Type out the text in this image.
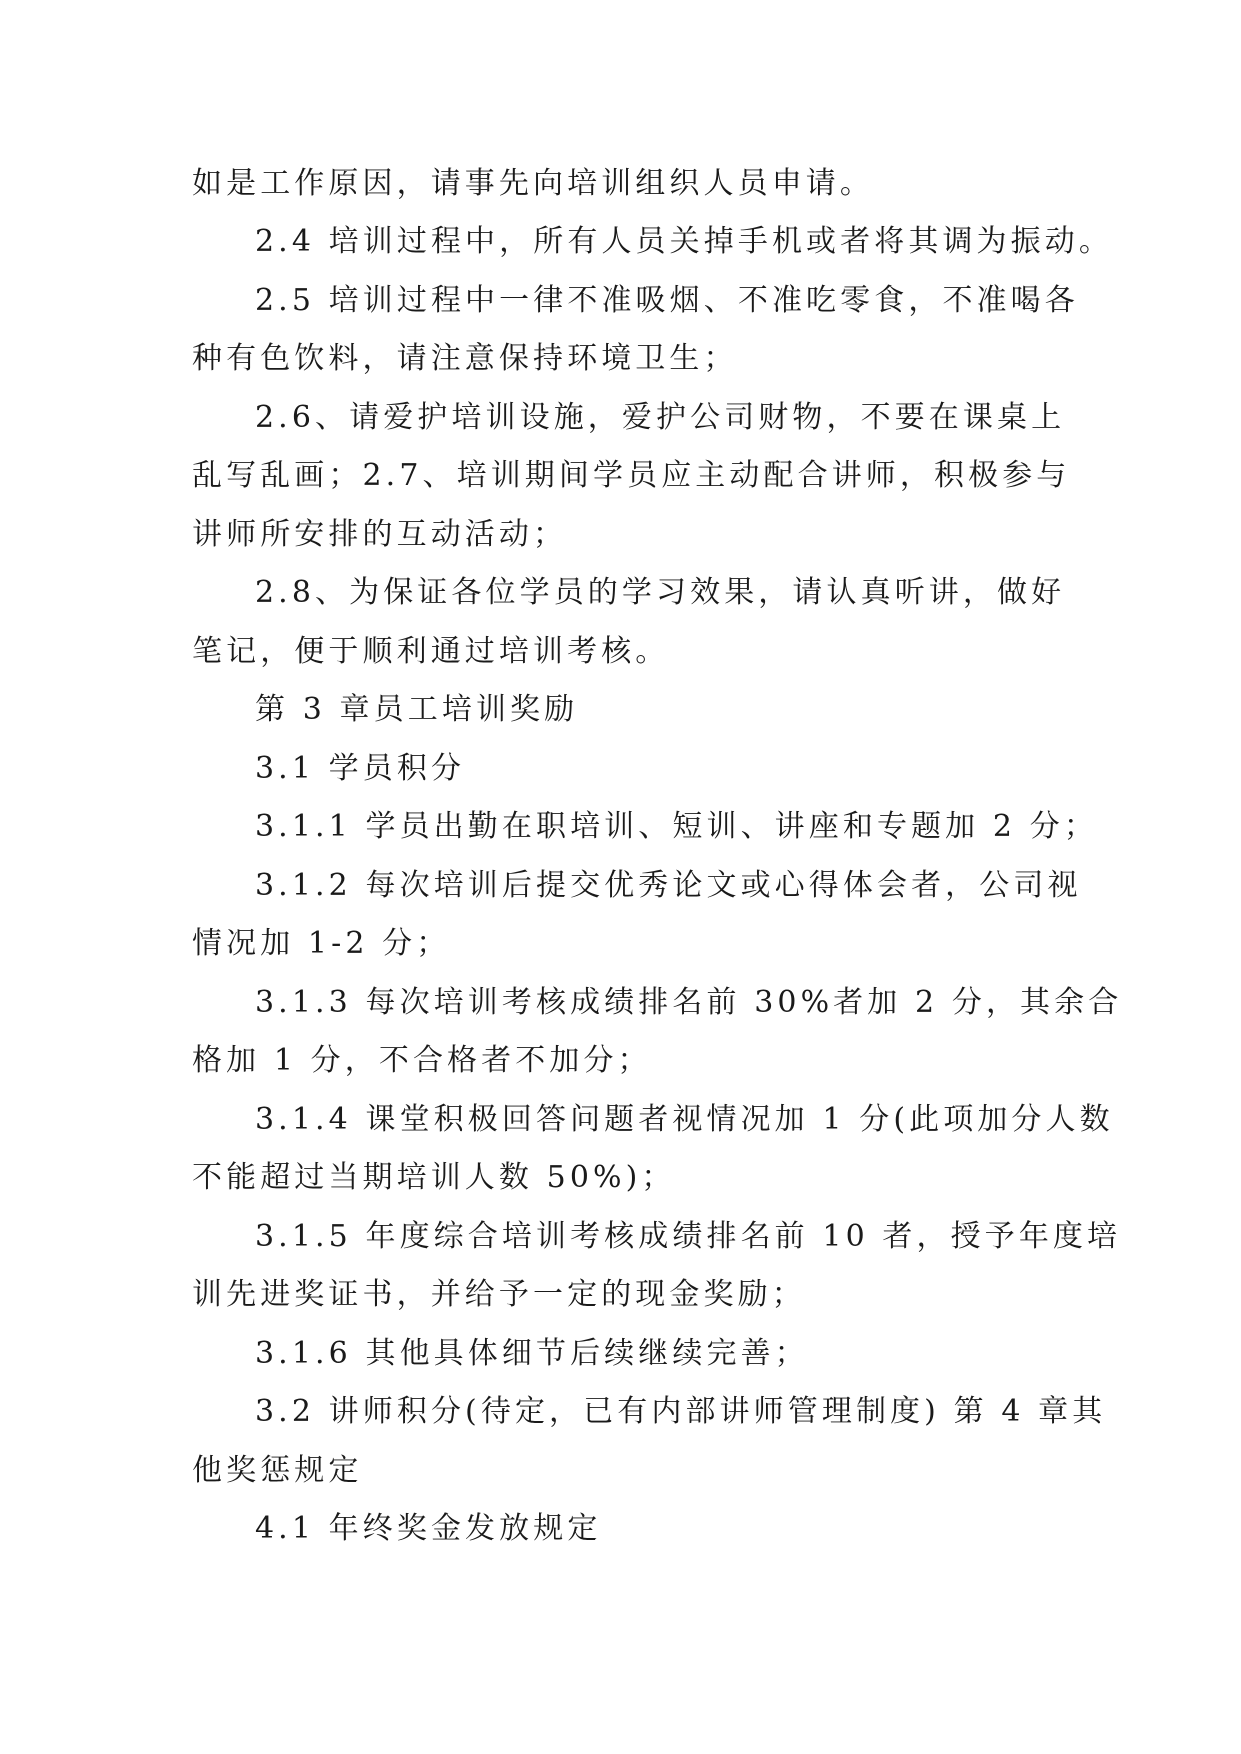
如是工作原因，请事先向培训组织人员申请。
2.4 培训过程中，所有人员关掉手机或者将其调为振动。
2.5 培训过程中一律不准吸烟、不准吃零食，不准喝各
种有色饮料，请注意保持环境卫生；
2.6、请爱护培训设施，爱护公司财物，不要在课桌上
乱写乱画；2.7、培训期间学员应主动配合讲师，积极参与
讲师所安排的互动活动；
2.8、为保证各位学员的学习效果，请认真听讲，做好
笔记，便于顺利通过培训考核。
第 3 章员工培训奖励
3.1 学员积分
3.1.1 学员出勤在职培训、短训、讲座和专题加 2 分；
3.1.2 每次培训后提交优秀论文或心得体会者，公司视
情况加 1-2 分；
3.1.3 每次培训考核成绩排名前 30%者加 2 分，其余合
格加 1 分，不合格者不加分；
3.1.4 课堂积极回答问题者视情况加 1 分(此项加分人数
不能超过当期培训人数 50%)；
3.1.5 年度综合培训考核成绩排名前 10 者，授予年度培
训先进奖证书，并给予一定的现金奖励；
3.1.6 其他具体细节后续继续完善；
3.2 讲师积分(待定，已有内部讲师管理制度) 第 4 章其
他奖惩规定
4.1 年终奖金发放规定
